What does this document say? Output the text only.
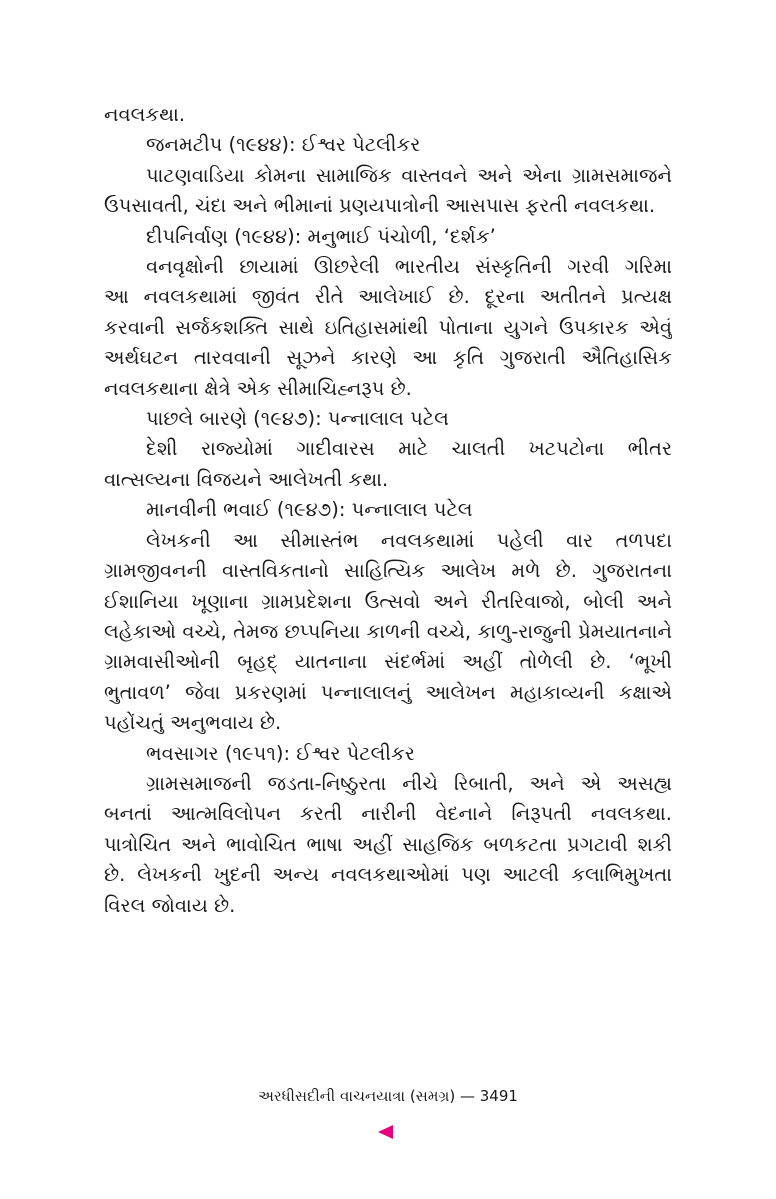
નવલકથા.
જનમટીપ (૧૯૪૪): ઈશ્વર પેટલીકર
પાટણવાડિયા કોમના સામાજિક વાસ્તવને અને એના ગ્રામસમાજને
ઉપસાવતી, ચંદા અને ભીમાનાં પ્રણયપાત્રોની આસપાસ ફરતી નવલકથા.
દીપનિર્વાણ (૧૯૪૪): મનુભાઈ પંચોળી, ‘દર્શક’
વનવૃક્ષોની છાયામાં ઊછરેલી ભારતીય સંસ્કૃતિની ગરવી ગરિમા
આ નવલકથામાં જીવંત રીતે આલેખાઈ છે. દૂરના અતીતને પ્રત્યક્ષ
કરવાની સર્જકશક્તિ સાથે ઇતિહાસમાંથી પોતાના યુગને ઉપકારક એવું
અર્થઘટન તારવવાની સૂઝને કારણે આ કૃતિ ગુજરાતી ઐતિહાસિક
નવલકથાના ક્ષેત્રે એક સીમાચિહ્નરૂપ છે.
પાછલે બારણે (૧૯૪૭): પન્નાલાલ પટેલ
દેશી રાજ્યોમાં ગાદીવારસ માટે ચાલતી ખટપટોના ભીતર
વાત્સલ્યના વિજયને આલેખતી કથા.
માનવીની ભવાઈ (૧૯૪૭): પન્નાલાલ પટેલ
લેખકની આ સીમાસ્તંભ નવલકથામાં પહેલી વાર તળપદા
ગ્રામજીવનની વાસ્તવિકતાનો સાહિત્યિક આલેખ મળે છે. ગુજરાતના
ઈશાનિયા ખૂણાના ગ્રામપ્રદેશના ઉત્સવો અને રીતરિવાજો, બોલી અને
લહેકાઓ વચ્ચે, તેમજ છપ્પનિયા કાળની વચ્ચે, કાળુ-રાજુની પ્રેમયાતનાને
ગ્રામવાસીઓની બૃહદ્ યાતનાના સંદર્ભમાં અહીં તોળેલી છે. ‘ભૂખી
ભુતાવળ’ જેવા પ્રકરણમાં પન્નાલાલનું આલેખન મહાકાવ્યની કક્ષાએ
પહોંચતું અનુભવાય છે.
ભવસાગર (૧૯૫૧): ઈશ્વર પેટલીકર
ગ્રામસમાજની જડતા-નિષ્ઠુરતા નીચે રિબાતી, અને એ અસહ્ય
બનતાં આત્મવિલોપન કરતી નારીની વેદનાને નિરૂપતી નવલકથા.
પાત્રોચિત અને ભાવોચિત ભાષા અહીં સાહજિક બળકટતા પ્રગટાવી શકી
છે. લેખકની ખુદની અન્ય નવલકથાઓમાં પણ આટલી કલાભિમુખતા
વિરલ જોવાય છે.
અરધીસદીની વાચનયાત્રા (સમગ્ર) — 3491
